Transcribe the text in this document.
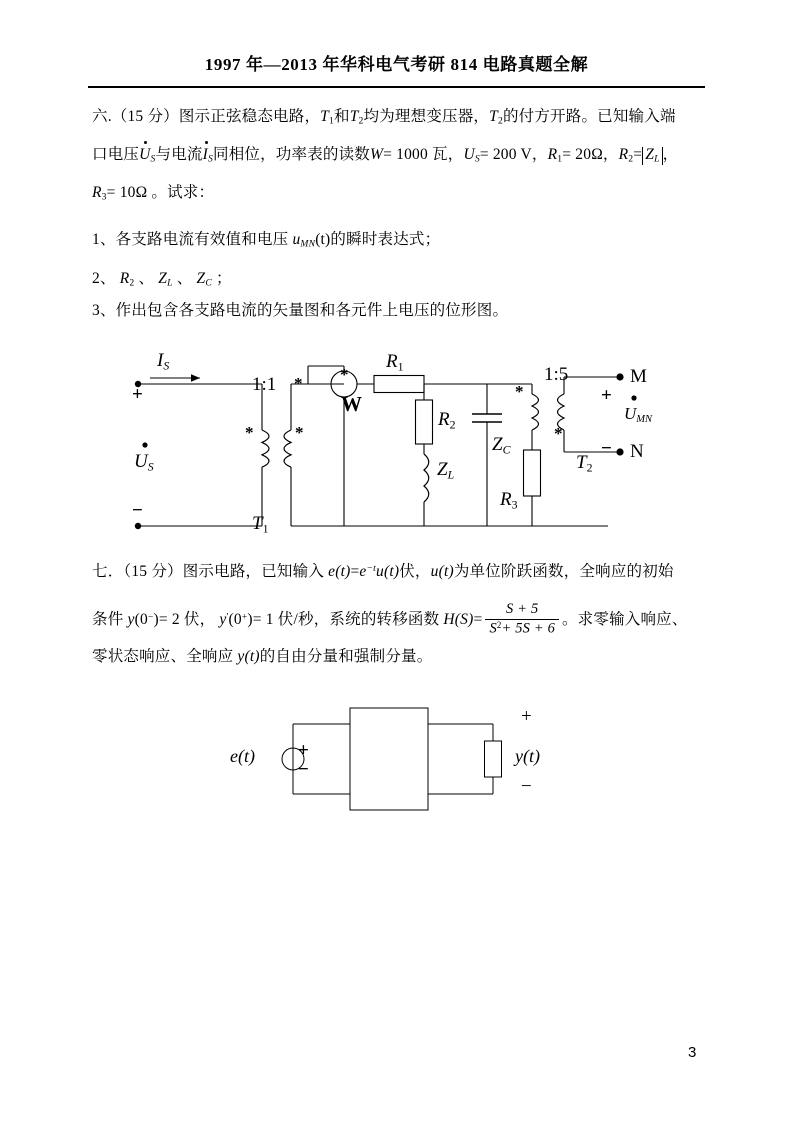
1997 年—2013 年华科电气考研 814 电路真题全解
六.（15 分）图示正弦稳态电路，$T_1$和$T_2$均为理想变压器，$T_2$的付方开路。已知输入端
口电压$U_S$与电流$I_S$同相位，功率表的读数W= 1000 瓦，$U_S= 200$ V，$R_1= 20\Omega$，$R_2= Z_L$ ，
$R_3= 10\Omega$ 。试求：
1、各支路电流有效值和电压 $u_{MN}(t)$的瞬时表达式；
2、 $R_2$ 、 $Z_L$ 、 $Z_C$ ；
3、作出包含各支路电流的矢量图和各元件上电压的位形图。
$I_S$
+
−
$U_S$
1:1
$T_1$
* *
* *
W
$R_1$
$R_2$
$Z_L$
$Z_C$
$R_3$
*
*
1:5
$T_2$
M
N
+
−
$U_{MN}$
七．（15 分）图示电路，已知输入 $e(t)=e^{-t}u(t)$伏，u(t)为单位阶跃函数，全响应的初始
条件 y(0−)= 2 伏， y'(0+)= 1 伏/秒，系统的转移函数 $H(S)= \frac{S + 5}{S^2+ 5S + 6}$ 。求零输入响应、
零状态响应、全响应 y(t)的自由分量和强制分量。
e(t) +
−
y(t)
+
−
3
